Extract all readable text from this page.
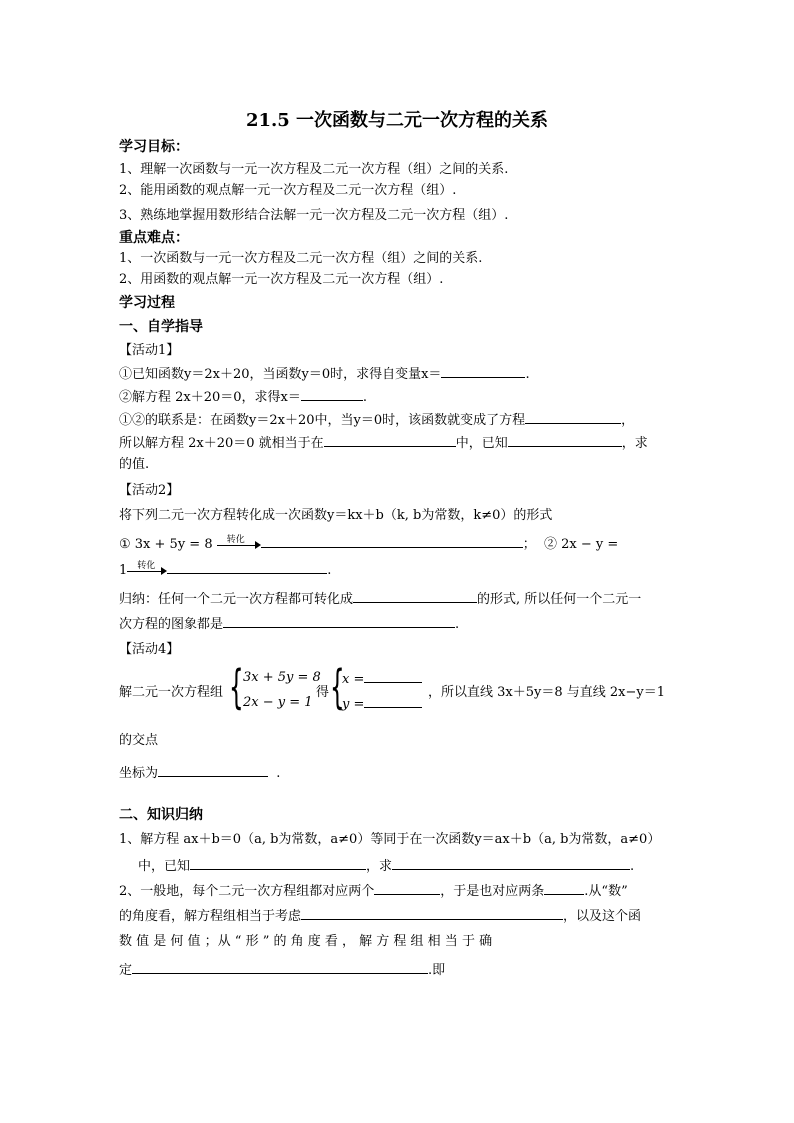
21.5 一次函数与二元一次方程的关系
学习目标：
1、理解一次函数与一元一次方程及二元一次方程（组）之间的关系.
2、能用函数的观点解一元一次方程及二元一次方程（组）.
3、熟练地掌握用数形结合法解一元一次方程及二元一次方程（组）.
重点难点：
1、一次函数与一元一次方程及二元一次方程（组）之间的关系.
2、用函数的观点解一元一次方程及二元一次方程（组）.
学习过程
一、自学指导
【活动1】
①已知函数y＝2x＋20，当函数y＝0时，求得自变量x＝	.
②解方程 2x＋20＝0，求得x＝	.
①②的联系是：在函数y＝2x＋20中，当y＝0时，该函数就变成了方程	，
所以解方程 2x＋20＝0 就相当于在	中，已知	，求
的值.
【活动2】
将下列二元一次方程转化成一次函数y＝kx＋b（k, b为常数，k≠0）的形式
① 3x + 5y = 8 转化	； ② 2x − y =
1 转化	.
归纳：任何一个二元一次方程都可转化成	的形式, 所以任何一个二元一
次方程的图象都是	.
【活动4】
解二元一次方程组 { 3x + 5y = 8
2x − y = 1
得 {
x =
y =
，所以直线 3x＋5y＝8 与直线 2x−y＝1
的交点
坐标为	.
二、知识归纳
1、解方程 ax＋b＝0（a, b为常数，a≠0）等同于在一次函数y＝ax＋b（a, b为常数，a≠0）
中，已知	，求	.
2、一般地，每个二元一次方程组都对应两个	，于是也对应两条	.从“数”
的角度看，解方程组相当于考虑	，以及这个函
数 值 是 何 值 ；从 “ 形 ” 的 角 度 看 ， 解 方 程 组 相 当 于 确
定	.即
